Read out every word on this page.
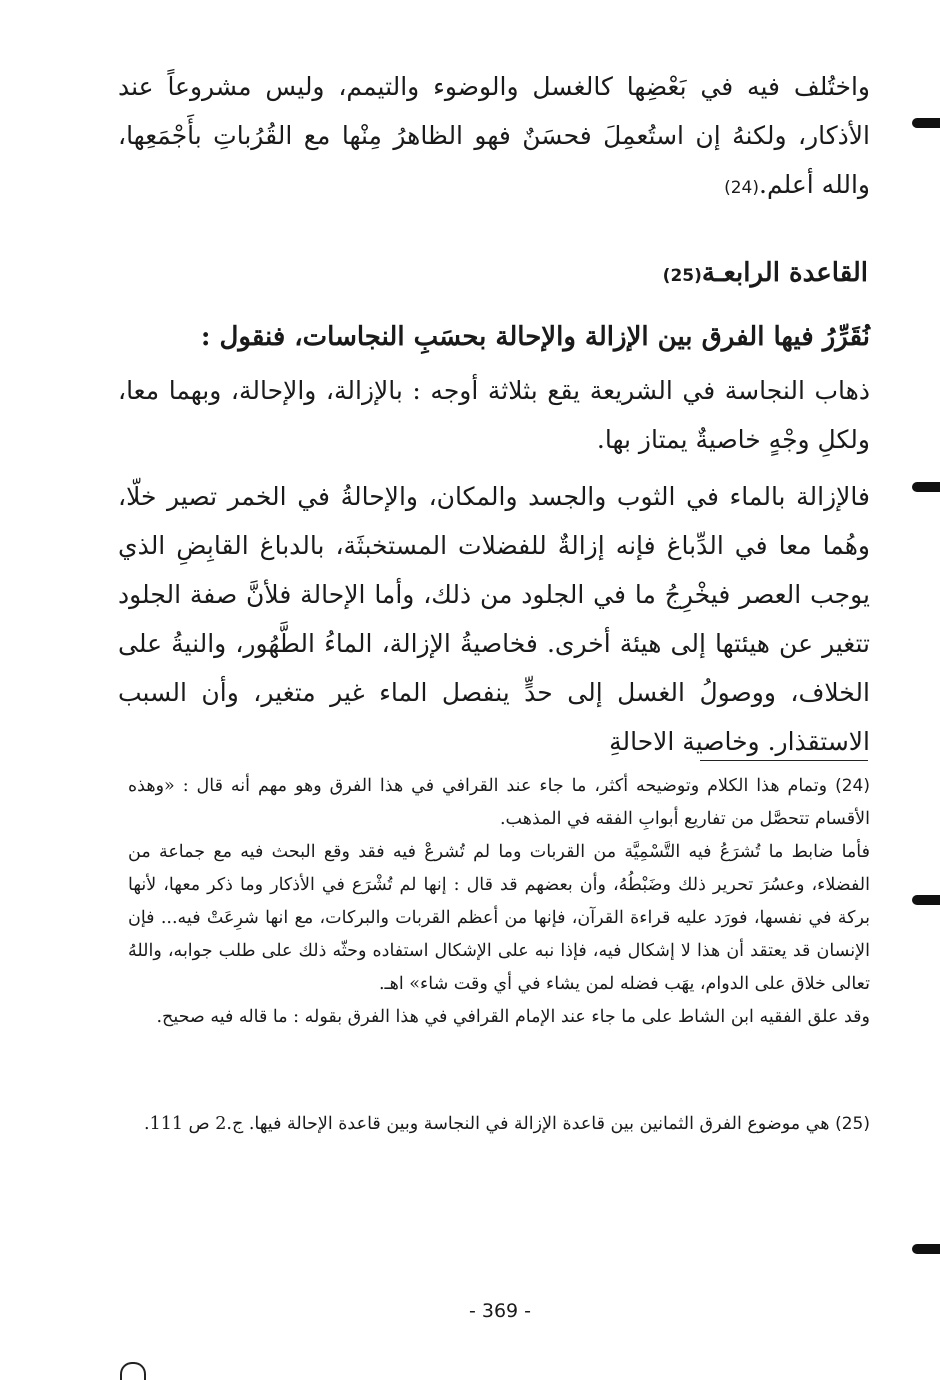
واختُلف فيه في بَعْضِها كالغسل والوضوء والتيمم، وليس مشروعاً عند الأذكار، ولكنهُ إن استُعمِلَ فحسَنٌ فهو الظاهرُ مِنْها مع القُرُباتِ بأَجْمَعِها، والله أعلم.(24)

القاعدة الرابعـة(25)
نُقَرِّرُ فيها الفرق بين الإزالة والإحالة بحسَبِ النجاسات، فنقول :

ذهاب النجاسة في الشريعة يقع بثلاثة أوجه : بالإزالة، والإحالة، وبهما معا، ولكلِ وجْهٍ خاصيةٌ يمتاز بها.

فالإزالة بالماء في الثوب والجسد والمكان، والإحالةُ في الخمر تصير خلّا، وهُما معا في الدِّباغ فإنه إزالةٌ للفضلات المستخبثَة، بالدباغ القابِضِ الذي يوجب العصر فيخْرِجُ ما في الجلود من ذلك، وأما الإحالة فلأنَّ صفة الجلود تتغير عن هيئتها إلى هيئة أخرى. فخاصيةُ الإزالة، الماءُ الطَّهُور، والنيةُ على الخلاف، ووصولُ الغسل إلى حدٍّ ينفصل الماء غير متغير، وأن السبب الاستقذار. وخاصية الاحالةِ

(24) وتمام هذا الكلام وتوضيحه أكثر، ما جاء عند القرافي في هذا الفرق وهو مهم أنه قال : «وهذه الأقسام تتحصَّل من تفاريع أبوابِ الفقه في المذهب.
فأما ضابط ما تُشرَعُ فيه التَّسْمِيَّة من القربات وما لم تُشرعْ فيه فقد وقع البحث فيه مع جماعة من الفضلاء، وعسُرَ تحرير ذلك وضَبْطُهُ، وأن بعضهم قد قال : إنها لم تُشْرَع في الأذكار وما ذكر معها، لأنها بركة في نفسها، فورَد عليه قراءة القرآن، فإنها من أعظم القربات والبركات، مع انها شرِعَتْ فيه... فإن الإنسان قد يعتقد أن هذا لا إشكال فيه، فإذا نبه على الإشكال استفاده وحثّه ذلك على طلب جوابه، واللهُ تعالى خلاق على الدوام، يهَب فضله لمن يشاء في أي وقت شاء» اهـ.
وقد علق الفقيه ابن الشاط على ما جاء عند الإمام القرافي في هذا الفرق بقوله : ما قاله فيه صحيح.
(25) هي موضوع الفرق الثمانين بين قاعدة الإزالة في النجاسة وبين قاعدة الإحالة فيها. ج.2 ص 111.
- 369 -
